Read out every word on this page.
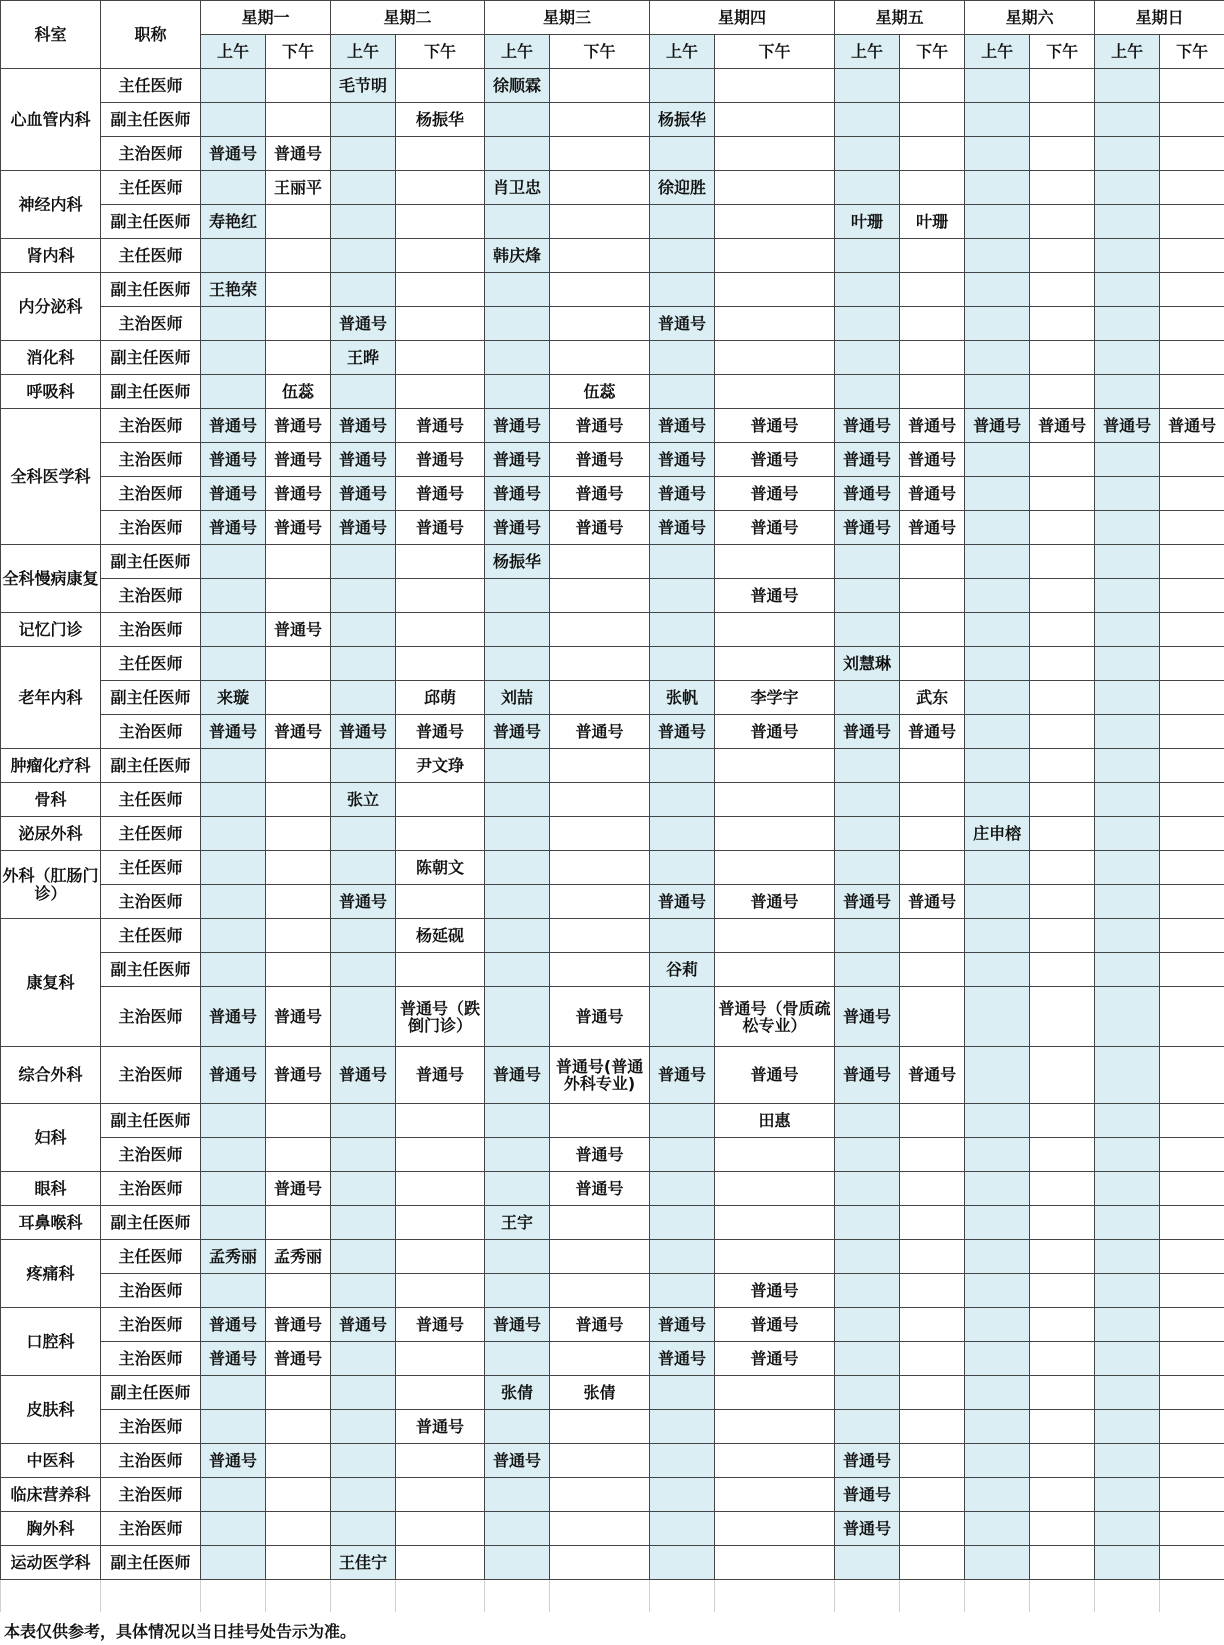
科室	职称	星期一		星期二		星期三		星期四		星期五		星期六		星期日	
		上午	下午	上午	下午	上午	下午	上午	下午	上午	下午	上午	下午	上午	下午
心血管内科	主任医师			毛节明		徐顺霖									
	副主任医师				杨振华			杨振华							
	主治医师	普通号	普通号												
神经内科	主任医师		王丽平			肖卫忠		徐迎胜							
	副主任医师	寿艳红								叶珊	叶珊				
肾内科	主任医师					韩庆烽									
内分泌科	副主任医师	王艳荣													
	主治医师			普通号				普通号							
消化科	副主任医师			王晔											
呼吸科	副主任医师		伍蕊				伍蕊								
全科医学科	主治医师	普通号	普通号	普通号	普通号	普通号	普通号	普通号	普通号	普通号	普通号	普通号	普通号	普通号	普通号
	主治医师	普通号	普通号	普通号	普通号	普通号	普通号	普通号	普通号	普通号	普通号				
	主治医师	普通号	普通号	普通号	普通号	普通号	普通号	普通号	普通号	普通号	普通号				
	主治医师	普通号	普通号	普通号	普通号	普通号	普通号	普通号	普通号	普通号	普通号				
全科慢病康复	副主任医师					杨振华									
	主治医师								普通号						
记忆门诊	主治医师		普通号												
老年内科	主任医师									刘慧琳					
	副主任医师	来璇			邱萌	刘喆		张帆	李学宇		武东				
	主治医师	普通号	普通号	普通号	普通号	普通号	普通号	普通号	普通号	普通号	普通号				
肿瘤化疗科	副主任医师				尹文琤										
骨科	主任医师			张立											
泌尿外科	主任医师											庄申榕			
外科（肛肠门诊）	主任医师				陈朝文										
	主治医师			普通号				普通号	普通号	普通号	普通号				
康复科	主任医师				杨延砚										
	副主任医师							谷莉							
	主治医师	普通号	普通号		普通号（跌倒门诊）		普通号		普通号（骨质疏松专业）	普通号					
综合外科	主治医师	普通号	普通号	普通号	普通号	普通号	普通号(普通外科专业)	普通号	普通号	普通号	普通号				
妇科	副主任医师								田惠						
	主治医师						普通号								
眼科	主治医师		普通号				普通号								
耳鼻喉科	副主任医师					王宇									
疼痛科	主任医师	孟秀丽	孟秀丽												
	主治医师								普通号						
口腔科	主治医师	普通号	普通号	普通号	普通号	普通号	普通号	普通号	普通号						
	主治医师	普通号	普通号					普通号	普通号						
皮肤科	副主任医师					张倩	张倩								
	主治医师				普通号										
中医科	主治医师	普通号				普通号				普通号					
临床营养科	主治医师									普通号					
胸外科	主治医师									普通号					
运动医学科	副主任医师			王佳宁											

本表仅供参考，具体情况以当日挂号处告示为准。
